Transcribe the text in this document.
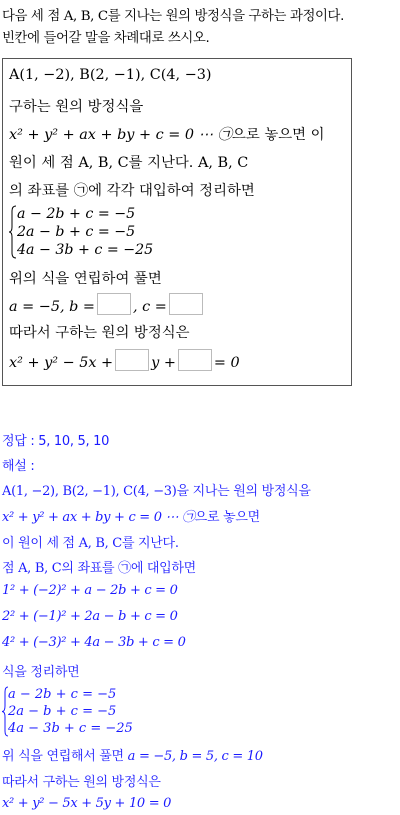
다음 세 점 A, B, C를 지나는 원의 방정식을 구하는 과정이다.
빈칸에 들어갈 말을 차례대로 쓰시오.
A(1, −2), B(2, −1), C(4, −3)
구하는 원의 방정식을
x² + y² + ax + by + c = 0 ⋯ ㉠으로 놓으면 이
원이 세 점 A, B, C를 지난다. A, B, C
의 좌표를 ㉠에 각각 대입하여 정리하면
a − 2b + c = −5
2a − b + c = −5
4a − 3b + c = −25
위의 식을 연립하여 풀면
a = −5, b =	, c =
따라서 구하는 원의 방정식은
x² + y² − 5x +	y +	= 0
정답 : 5, 10, 5, 10
해설 :
A(1, −2), B(2, −1), C(4, −3)을 지나는 원의 방정식을
x² + y² + ax + by + c = 0 ⋯ ㉠으로 놓으면
이 원이 세 점 A, B, C를 지난다.
점 A, B, C의 좌표를 ㉠에 대입하면
1² + (−2)² + a − 2b + c = 0
2² + (−1)² + 2a − b + c = 0
4² + (−3)² + 4a − 3b + c = 0
식을 정리하면
a − 2b + c = −5
2a − b + c = −5
4a − 3b + c = −25
위 식을 연립해서 풀면 a = −5, b = 5, c = 10
따라서 구하는 원의 방정식은
x² + y² − 5x + 5y + 10 = 0
